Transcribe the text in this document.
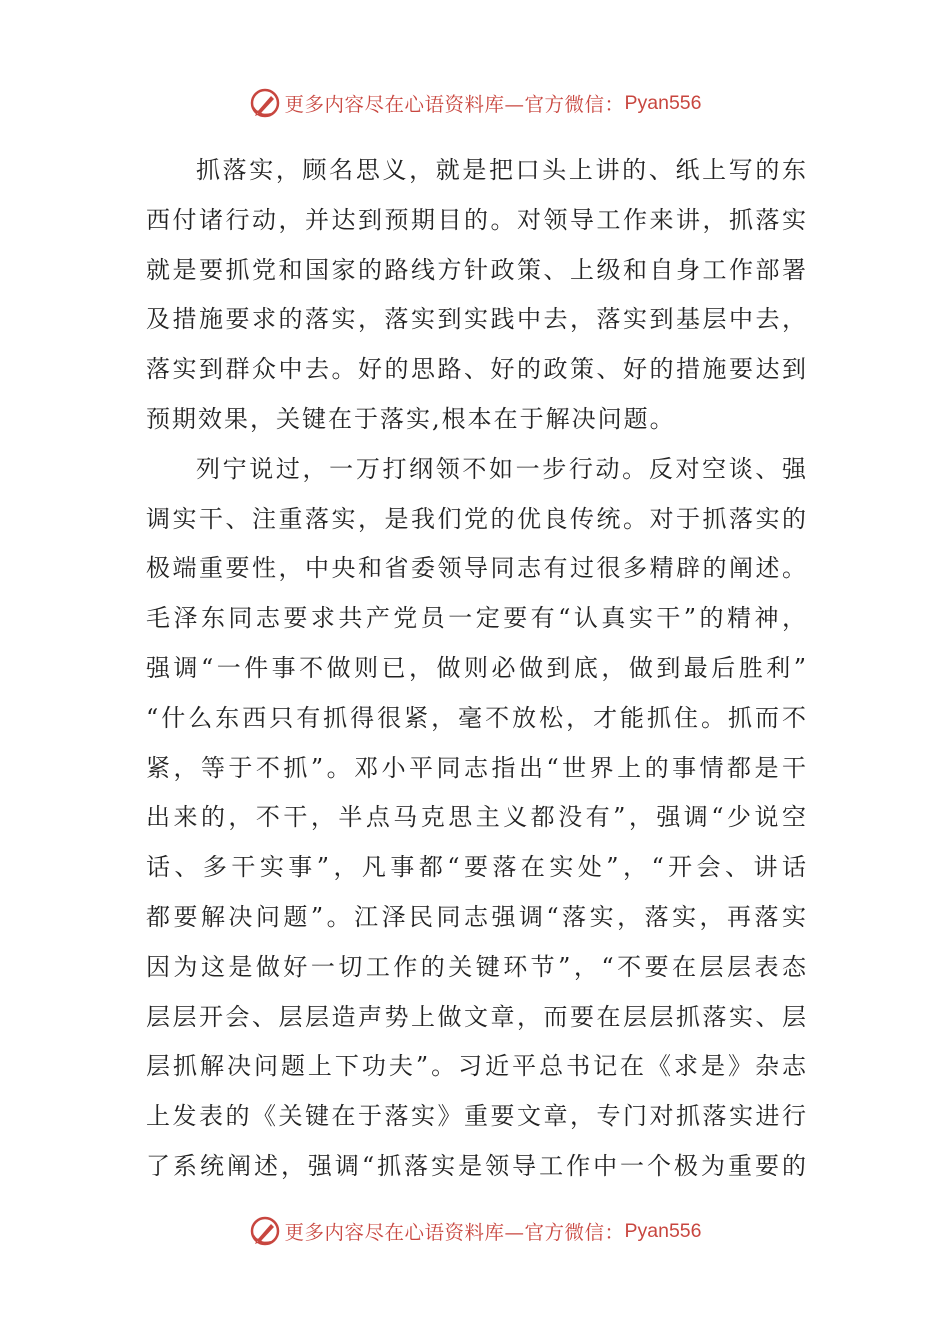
更多内容尽在心语资料库—官方微信： Pyan556
抓落实，顾名思义，就是把口头上讲的、纸上写的东
西付诸行动，并达到预期目的。对领导工作来讲，抓落实
就是要抓党和国家的路线方针政策、上级和自身工作部署
及措施要求的落实，落实到实践中去，落实到基层中去，
落实到群众中去。好的思路、好的政策、好的措施要达到
预期效果，关键在于落实,根本在于解决问题。
列宁说过，一万打纲领不如一步行动。反对空谈、强
调实干、注重落实，是我们党的优良传统。对于抓落实的
极端重要性，中央和省委领导同志有过很多精辟的阐述。
毛泽东同志要求共产党员一定要有“认真实干”的精神，
强调“一件事不做则已，做则必做到底，做到最后胜利”
“什么东西只有抓得很紧，毫不放松，才能抓住。抓而不
紧，等于不抓”。邓小平同志指出“世界上的事情都是干
出来的，不干，半点马克思主义都没有”，强调“少说空
话、多干实事”，凡事都“要落在实处”，“开会、讲话
都要解决问题”。江泽民同志强调“落实，落实，再落实
因为这是做好一切工作的关键环节”，“不要在层层表态
层层开会、层层造声势上做文章，而要在层层抓落实、层
层抓解决问题上下功夫”。习近平总书记在《求是》杂志
上发表的《关键在于落实》重要文章，专门对抓落实进行
了系统阐述，强调“抓落实是领导工作中一个极为重要的
更多内容尽在心语资料库—官方微信： Pyan556
